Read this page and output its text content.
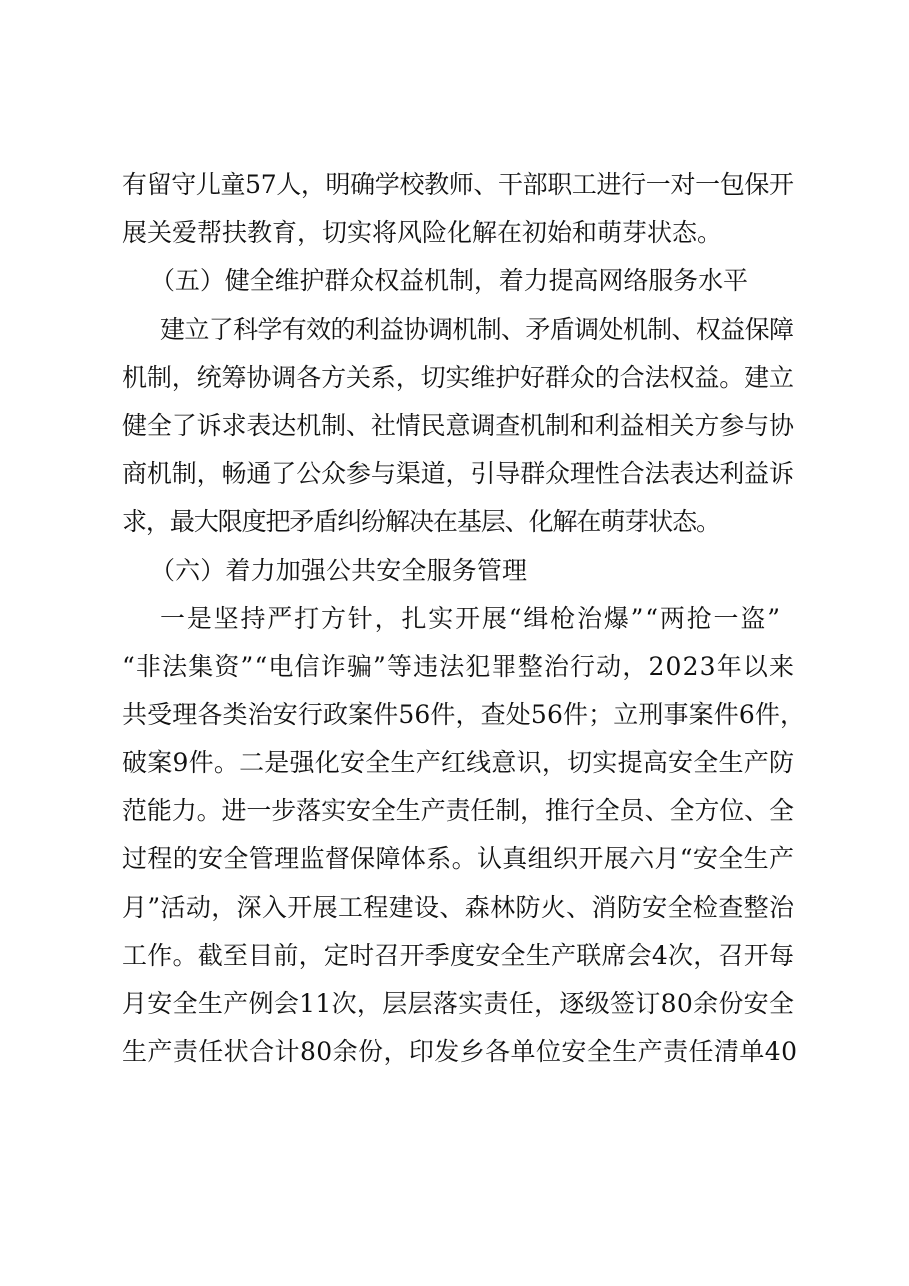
有留守儿童57人，明确学校教师、干部职工进行一对一包保开
展关爱帮扶教育，切实将风险化解在初始和萌芽状态。
（五）健全维护群众权益机制，着力提高网络服务水平
建立了科学有效的利益协调机制、矛盾调处机制、权益保障
机制，统筹协调各方关系，切实维护好群众的合法权益。建立
健全了诉求表达机制、社情民意调查机制和利益相关方参与协
商机制，畅通了公众参与渠道，引导群众理性合法表达利益诉
求，最大限度把矛盾纠纷解决在基层、化解在萌芽状态。
（六）着力加强公共安全服务管理
一是坚持严打方针，扎实开展“缉枪治爆”“两抢一盗”
“非法集资”“电信诈骗”等违法犯罪整治行动，2023年以来
共受理各类治安行政案件56件，查处56件；立刑事案件6件，
破案9件。二是强化安全生产红线意识，切实提高安全生产防
范能力。进一步落实安全生产责任制，推行全员、全方位、全
过程的安全管理监督保障体系。认真组织开展六月“安全生产
月”活动，深入开展工程建设、森林防火、消防安全检查整治
工作。截至目前，定时召开季度安全生产联席会4次，召开每
月安全生产例会11次，层层落实责任，逐级签订80余份安全
生产责任状合计80余份，印发乡各单位安全生产责任清单40
